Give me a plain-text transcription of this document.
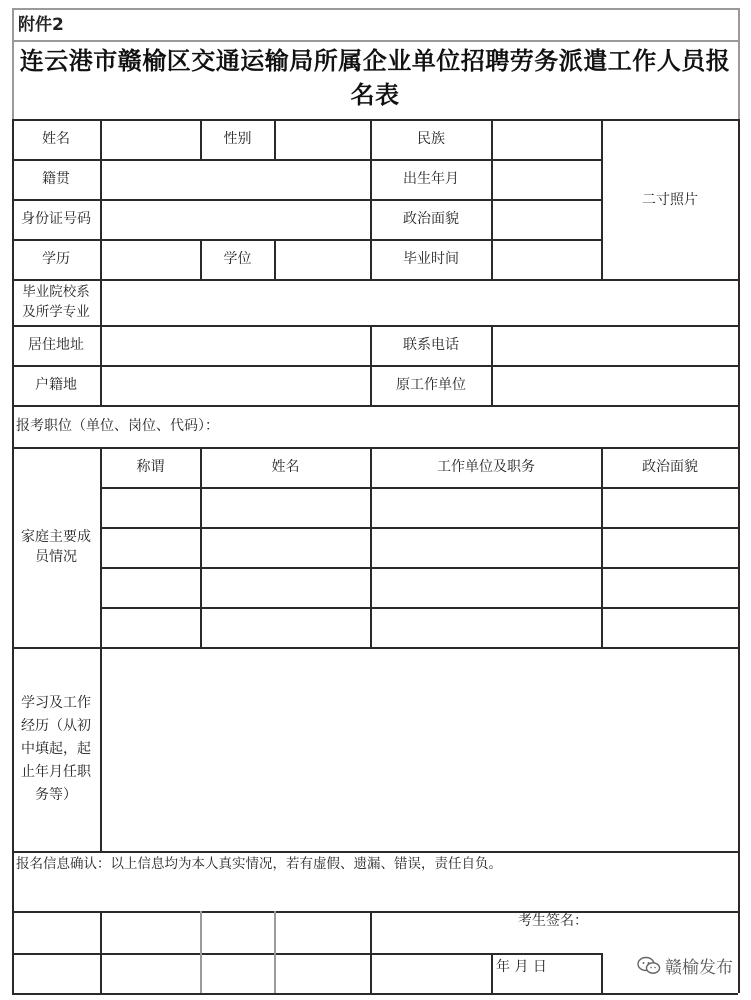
附件2
连云港市赣榆区交通运输局所属企业单位招聘劳务派遣工作人员报
名表
姓名	性别	民族
二寸照片
籍贯	出生年月
身份证号码	政治面貌
学历	学位	毕业时间
毕业院校系
及所学专业
居住地址	联系电话
户籍地	原工作单位
报考职位（单位、岗位、代码）：
家庭主要成
员情况
称谓	姓名	工作单位及职务	政治面貌
学习及工作
经历（从初
中填起，起
止年月任职
务等）
报名信息确认：以上信息均为本人真实情况，若有虚假、遗漏、错误，责任自负。
考生签名：
年 月 日	赣榆发布
